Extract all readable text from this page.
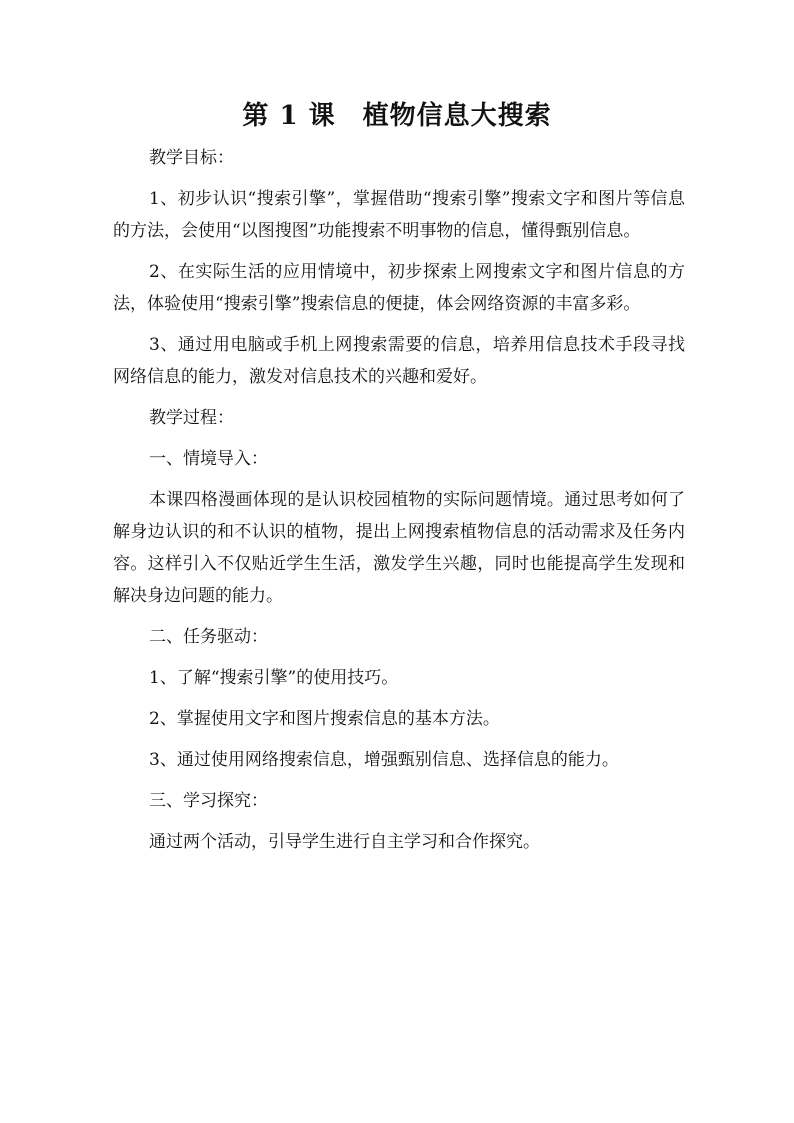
第 1 课　植物信息大搜索

教学目标：

1、初步认识“搜索引擎”，掌握借助“搜索引擎”搜索文字和图片等信息的方法，会使用“以图搜图”功能搜索不明事物的信息，懂得甄别信息。

2、在实际生活的应用情境中，初步探索上网搜索文字和图片信息的方法，体验使用“搜索引擎”搜索信息的便捷，体会网络资源的丰富多彩。

3、通过用电脑或手机上网搜索需要的信息，培养用信息技术手段寻找网络信息的能力，激发对信息技术的兴趣和爱好。

教学过程：

一、情境导入：

本课四格漫画体现的是认识校园植物的实际问题情境。通过思考如何了解身边认识的和不认识的植物，提出上网搜索植物信息的活动需求及任务内容。这样引入不仅贴近学生生活，激发学生兴趣，同时也能提高学生发现和解决身边问题的能力。

二、任务驱动：

1、了解“搜索引擎”的使用技巧。

2、掌握使用文字和图片搜索信息的基本方法。

3、通过使用网络搜索信息，增强甄别信息、选择信息的能力。

三、学习探究：

通过两个活动，引导学生进行自主学习和合作探究。
